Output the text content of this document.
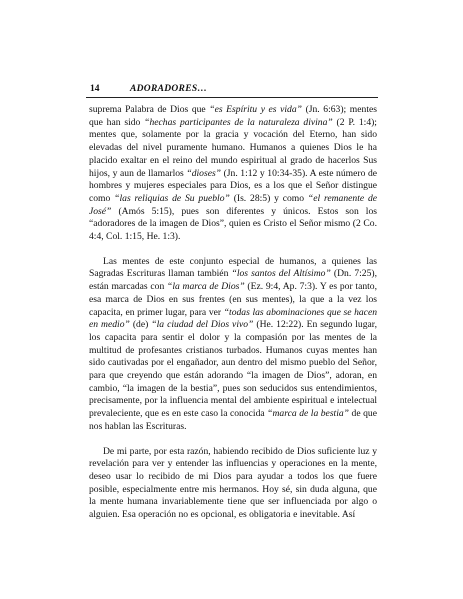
14	ADORADORES…

suprema Palabra de Dios que “es Espíritu y es vida” (Jn. 6:63); mentes que han sido “hechas participantes de la naturaleza divina” (2 P. 1:4); mentes que, solamente por la gracia y vocación del Eterno, han sido elevadas del nivel puramente humano. Humanos a quienes Dios le ha placido exaltar en el reino del mundo espiritual al grado de hacerlos Sus hijos, y aun de llamarlos “dioses” (Jn. 1:12 y 10:34-35). A este número de hombres y mujeres especiales para Dios, es a los que el Señor distingue como “las reliquias de Su pueblo” (Is. 28:5) y como “el remanente de José” (Amós 5:15), pues son diferentes y únicos. Estos son los “adoradores de la imagen de Dios”, quien es Cristo el Señor mismo (2 Co. 4:4, Col. 1:15, He. 1:3).

Las mentes de este conjunto especial de humanos, a quienes las Sagradas Escrituras llaman también “los santos del Altísimo” (Dn. 7:25), están marcadas con “la marca de Dios” (Ez. 9:4, Ap. 7:3). Y es por tanto, esa marca de Dios en sus frentes (en sus mentes), la que a la vez los capacita, en primer lugar, para ver “todas las abominaciones que se hacen en medio” (de) “la ciudad del Dios vivo” (He. 12:22). En segundo lugar, los capacita para sentir el dolor y la compasión por las mentes de la multitud de profesantes cristianos turbados. Humanos cuyas mentes han sido cautivadas por el engañador, aun dentro del mismo pueblo del Señor, para que creyendo que están adorando “la imagen de Dios”, adoran, en cambio, “la imagen de la bestia”, pues son seducidos sus entendimientos, precisamente, por la influencia mental del ambiente espiritual e intelectual prevaleciente, que es en este caso la conocida “marca de la bestia” de que nos hablan las Escrituras.

De mi parte, por esta razón, habiendo recibido de Dios suficiente luz y revelación para ver y entender las influencias y operaciones en la mente, deseo usar lo recibido de mi Dios para ayudar a todos los que fuere posible, especialmente entre mis hermanos. Hoy sé, sin duda alguna, que la mente humana invariablemente tiene que ser influenciada por algo o alguien. Esa operación no es opcional, es obligatoria e inevitable. Así
